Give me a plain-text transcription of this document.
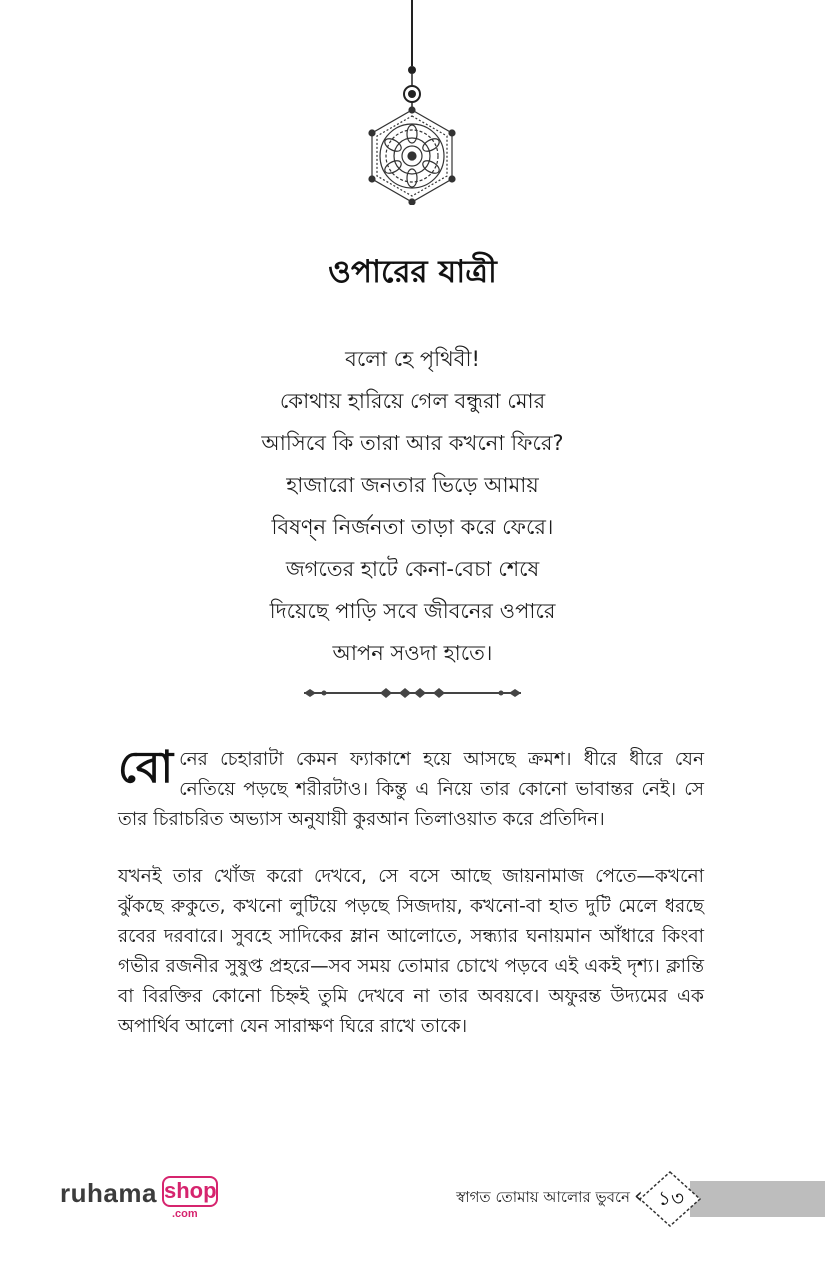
ওপারের যাত্রী
বলো হে পৃথিবী!
কোথায় হারিয়ে গেল বন্ধুরা মোর
আসিবে কি তারা আর কখনো ফিরে?
হাজারো জনতার ভিড়ে আমায়
বিষণ্ন নির্জনতা তাড়া করে ফেরে।
জগতের হাটে কেনা-বেচা শেষে
দিয়েছে পাড়ি সবে জীবনের ওপারে
আপন সওদা হাতে।

বোনের চেহারাটা কেমন ফ্যাকাশে হয়ে আসছে ক্রমশ। ধীরে ধীরে যেন নেতিয়ে পড়ছে শরীরটাও। কিন্তু এ নিয়ে তার কোনো ভাবান্তর নেই। সে তার চিরাচরিত অভ্যাস অনুযায়ী কুরআন তিলাওয়াত করে প্রতিদিন।

যখনই তার খোঁজ করো দেখবে, সে বসে আছে জায়নামাজ পেতে—কখনো ঝুঁকছে রুকুতে, কখনো লুটিয়ে পড়ছে সিজদায়, কখনো-বা হাত দুটি মেলে ধরছে রবের দরবারে। সুবহে সাদিকের ম্লান আলোতে, সন্ধ্যার ঘনায়মান আঁধারে কিংবা গভীর রজনীর সুষুপ্ত প্রহরে—সব সময় তোমার চোখে পড়বে এই একই দৃশ্য। ক্লান্তি বা বিরক্তির কোনো চিহ্নই তুমি দেখবে না তার অবয়বে। অফুরন্ত উদ্যমের এক অপার্থিব আলো যেন সারাক্ষণ ঘিরে রাখে তাকে।

ruhama shop
.com
স্বাগত তোমায় আলোর ভুবনে ‹ ১৩
